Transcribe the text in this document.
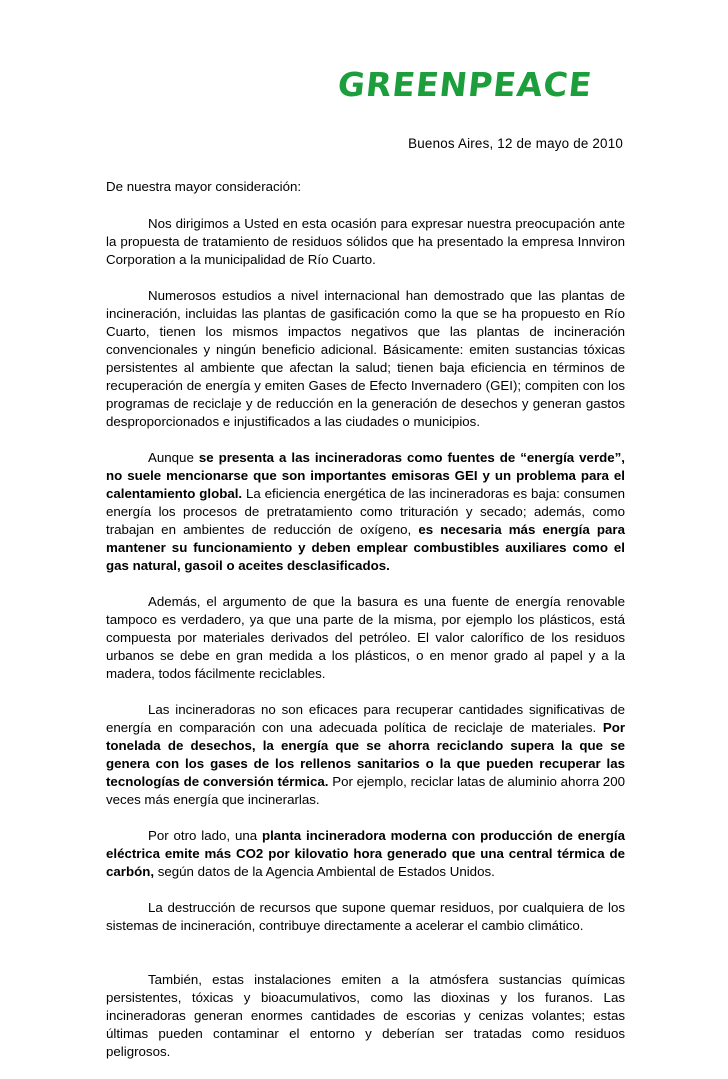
GREENPEACE
Buenos Aires, 12 de mayo de 2010

De nuestra mayor consideración:

Nos dirigimos a Usted en esta ocasión para expresar nuestra preocupación ante la propuesta de tratamiento de residuos sólidos que ha presentado la empresa Innviron Corporation a la municipalidad de Río Cuarto.

Numerosos estudios a nivel internacional han demostrado que las plantas de incineración, incluidas las plantas de gasificación como la que se ha propuesto en Río Cuarto, tienen los mismos impactos negativos que las plantas de incineración convencionales y ningún beneficio adicional. Básicamente: emiten sustancias tóxicas persistentes al ambiente que afectan la salud; tienen baja eficiencia en términos de recuperación de energía y emiten Gases de Efecto Invernadero (GEI); compiten con los programas de reciclaje y de reducción en la generación de desechos y generan gastos desproporcionados e injustificados a las ciudades o municipios.

Aunque se presenta a las incineradoras como fuentes de “energía verde”, no suele mencionarse que son importantes emisoras GEI y un problema para el calentamiento global. La eficiencia energética de las incineradoras es baja: consumen energía los procesos de pretratamiento como trituración y secado; además, como trabajan en ambientes de reducción de oxígeno, es necesaria más energía para mantener su funcionamiento y deben emplear combustibles auxiliares como el gas natural, gasoil o aceites desclasificados.

Además, el argumento de que la basura es una fuente de energía renovable tampoco es verdadero, ya que una parte de la misma, por ejemplo los plásticos, está compuesta por materiales derivados del petróleo. El valor calorífico de los residuos urbanos se debe en gran medida a los plásticos, o en menor grado al papel y a la madera, todos fácilmente reciclables.

Las incineradoras no son eficaces para recuperar cantidades significativas de energía en comparación con una adecuada política de reciclaje de materiales. Por tonelada de desechos, la energía que se ahorra reciclando supera la que se genera con los gases de los rellenos sanitarios o la que pueden recuperar las tecnologías de conversión térmica. Por ejemplo, reciclar latas de aluminio ahorra 200 veces más energía que incinerarlas.

Por otro lado, una planta incineradora moderna con producción de energía eléctrica emite más CO2 por kilovatio hora generado que una central térmica de carbón, según datos de la Agencia Ambiental de Estados Unidos.

La destrucción de recursos que supone quemar residuos, por cualquiera de los sistemas de incineración, contribuye directamente a acelerar el cambio climático.

También, estas instalaciones emiten a la atmósfera sustancias químicas persistentes, tóxicas y bioacumulativos, como las dioxinas y los furanos. Las incineradoras generan enormes cantidades de escorias y cenizas volantes; estas últimas pueden contaminar el entorno y deberían ser tratadas como residuos peligrosos.
